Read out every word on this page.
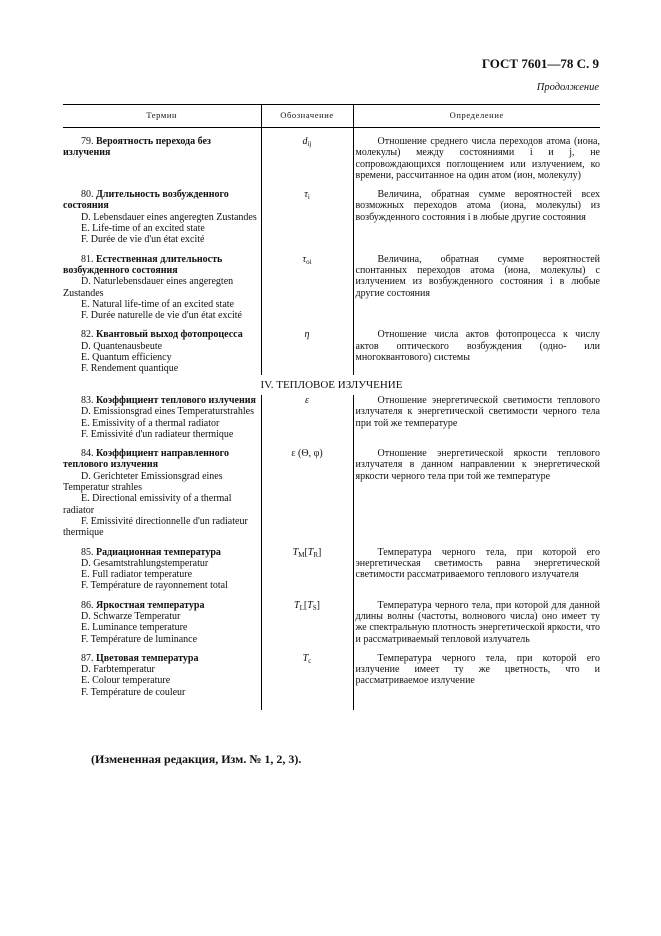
ГОСТ 7601—78 С. 9
Продолжение
Термин	Обозначение	Определение

79. Вероятность перехода без излучения	$d_{ij}$	Отношение среднего числа переходов атома (иона, молекулы) между состояниями i и j, не сопровождающихся поглощением или излучением, ко времени, рассчитанное на один атом (ион, молекулу)

80. Длительность возбужденного состояния
D. Lebensdauer eines angeregten Zustandes
E. Life-time of an excited state
F. Durée de vie d'un état excité	$\tau_i$	Величина, обратная сумме вероятностей всех возможных переходов атома (иона, молекулы) из возбужденного состояния i в любые другие состояния

81. Естественная длительность возбужденного состояния
D. Naturlebensdauer eines angeregten Zustandes
E. Natural life-time of an excited state
F. Durée naturelle de vie d'un état excité	$\tau_{oi}$	Величина, обратная сумме вероятностей спонтанных переходов атома (иона, молекулы) с излучением из возбужденного состояния i в любые другие состояния

82. Квантовый выход фотопроцесса
D. Quantenausbeute
E. Quantum efficiency
F. Rendement quantique	η	Отношение числа актов фотопроцесса к числу актов оптического возбуждения (одно- или многоквантового) системы

IV. ТЕПЛОВОЕ ИЗЛУЧЕНИЕ		

83. Коэффициент теплового излучения
D. Emissionsgrad eines Temperaturstrahles
E. Emissivity of a thermal radiator
F. Emissivité d'un radiateur thermique	ε	Отношение энергетической светимости теплового излучателя к энергетической светимости черного тела при той же температуре

84. Коэффициент направленного теплового излучения
D. Gerichteter Emissionsgrad eines Temperatur strahles
E. Directional emissivity of a thermal radiator
F. Emissivité directionnelle d'un radiateur thermique	ε (Θ, φ)	Отношение энергетической яркости теплового излучателя в данном направлении к энергетической яркости черного тела при той же температуре

85. Радиационная температура
D. Gesamtstrahlungstemperatur
E. Full radiator temperature
F. Température de rayonnement total	$T_M[T_R]$	Температура черного тела, при которой его энергетическая светимость равна энергетической светимости рассматриваемого теплового излучателя

86. Яркостная температура
D. Schwarze Temperatur
E. Luminance temperature
F. Température de luminance	$T_L[T_S]$	Температура черного тела, при которой для данной длины волны (частоты, волнового числа) оно имеет ту же спектральную плотность энергетической яркости, что и рассматриваемый тепловой излучатель

87. Цветовая температура
D. Farbtemperatur
E. Colour temperature
F. Température de couleur	$T_c$	Температура черного тела, при которой его излучение имеет ту же цветность, что и рассматриваемое излучение

(Измененная редакция, Изм. № 1, 2, 3).
